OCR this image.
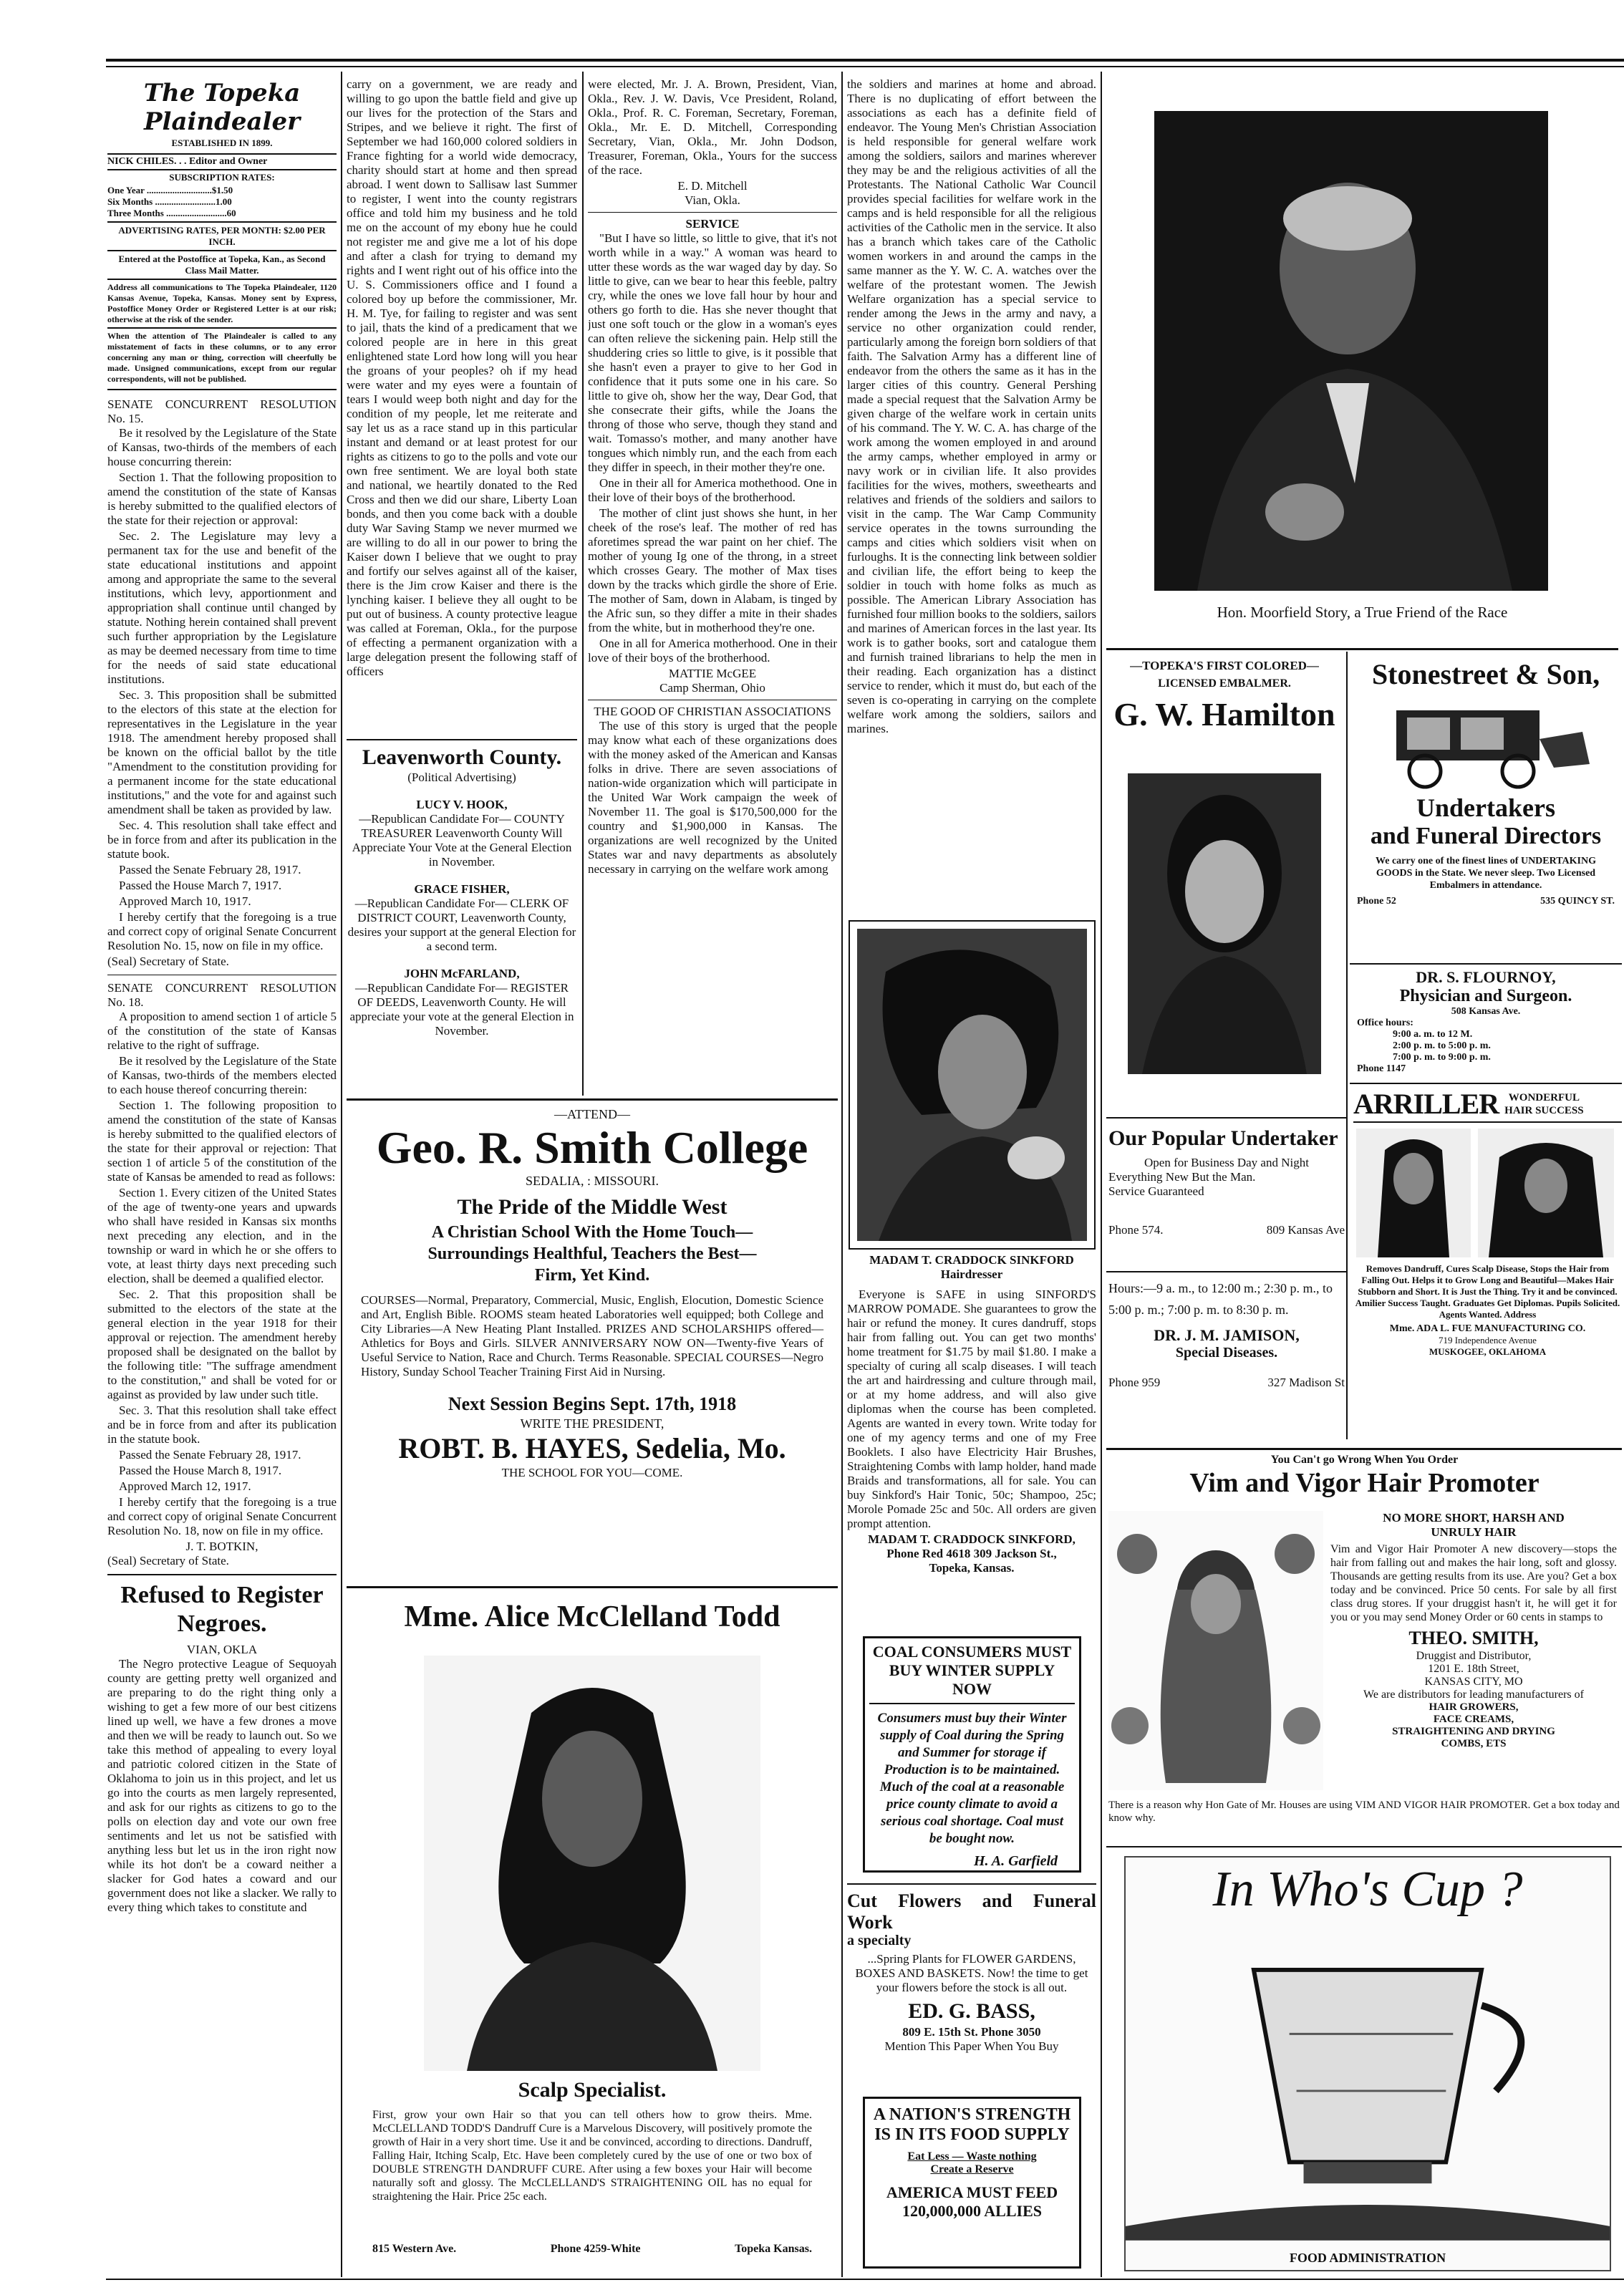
The Topeka Plaindealer
ESTABLISHED IN 1899.
NICK CHILES. . . Editor and Owner
SUBSCRIPTION RATES:
One Year ............................$1.50
Six Months ..........................1.00
Three Months ..........................60
ADVERTISING RATES, PER MONTH: $2.00 PER INCH.
Entered at the Postoffice at Topeka, Kan., as Second Class Mail Matter.
Address all communications to The Topeka Plaindealer, 1120 Kansas Avenue, Topeka, Kansas. Money sent by Express, Postoffice Money Order or Registered Letter is at our risk; otherwise at the risk of the sender.
When the attention of The Plaindealer is called to any misstatement of facts in these columns, or to any error concerning any man or thing, correction will cheerfully be made. Unsigned communications, except from our regular correspondents, will not be published.
SENATE CONCURRENT RESOLUTION No. 15.

Be it resolved by the Legislature of the State of Kansas, two-thirds of the members of each house concurring therein:

Section 1. That the following proposition to amend the constitution of the state of Kansas is hereby submitted to the qualified electors of the state for their rejection or approval:

Sec. 2. The Legislature may levy a permanent tax for the use and benefit of the state educational institutions and appoint among and appropriate the same to the several institutions, which levy, apportionment and appropriation shall continue until changed by statute. Nothing herein contained shall prevent such further appropriation by the Legislature as may be deemed necessary from time to time for the needs of said state educational institutions.

Sec. 3. This proposition shall be submitted to the electors of this state at the election for representatives in the Legislature in the year 1918. The amendment hereby proposed shall be known on the official ballot by the title "Amendment to the constitution providing for a permanent income for the state educational institutions," and the vote for and against such amendment shall be taken as provided by law.

Sec. 4. This resolution shall take effect and be in force from and after its publication in the statute book.

Passed the Senate February 28, 1917.

Passed the House March 7, 1917.

Approved March 10, 1917.

I hereby certify that the foregoing is a true and correct copy of original Senate Concurrent Resolution No. 15, now on file in my office.

(Seal) Secretary of State.
SENATE CONCURRENT RESOLUTION No. 18.

A proposition to amend section 1 of article 5 of the constitution of the state of Kansas relative to the right of suffrage.

Be it resolved by the Legislature of the State of Kansas, two-thirds of the members elected to each house thereof concurring therein:

Section 1. The following proposition to amend the constitution of the state of Kansas is hereby submitted to the qualified electors of the state for their approval or rejection: That section 1 of article 5 of the constitution of the state of Kansas be amended to read as follows:

Section 1. Every citizen of the United States of the age of twenty-one years and upwards who shall have resided in Kansas six months next preceding any election, and in the township or ward in which he or she offers to vote, at least thirty days next preceding such election, shall be deemed a qualified elector.

Sec. 2. That this proposition shall be submitted to the electors of the state at the general election in the year 1918 for their approval or rejection. The amendment hereby proposed shall be designated on the ballot by the following title: "The suffrage amendment to the constitution," and shall be voted for or against as provided by law under such title.

Sec. 3. That this resolution shall take effect and be in force from and after its publication in the statute book.

Passed the Senate February 28, 1917.

Passed the House March 8, 1917.

Approved March 12, 1917.

I hereby certify that the foregoing is a true and correct copy of original Senate Concurrent Resolution No. 18, now on file in my office.

J. T. BOTKIN,
(Seal) Secretary of State.
Refused to Register Negroes.
VIAN, OKLA

The Negro protective League of Sequoyah county are getting pretty well organized and are preparing to do the right thing only a wishing to get a few more of our best citizens lined up well, we have a few drones a move and then we will be ready to launch out. So we take this method of appealing to every loyal and patriotic colored citizen in the State of Oklahoma to join us in this project, and let us go into the courts as men largely represented, and ask for our rights as citizens to go to the polls on election day and vote our own free sentiments and let us not be satisfied with anything less but let us in the iron right now while its hot don't be a coward neither a slacker for God hates a coward and our government does not like a slacker. We rally to every thing which takes to constitute and

carry on a government, we are ready and willing to go upon the battle field and give up our lives for the protection of the Stars and Stripes, and we believe it right. The first of September we had 160,000 colored soldiers in France fighting for a world wide democracy, charity should start at home and then spread abroad. I went down to Sallisaw last Summer to register, I went into the county registrars office and told him my business and he told me on the account of my ebony hue he could not register me and give me a lot of his dope and after a clash for trying to demand my rights and I went right out of his office into the U. S. Commissioners office and I found a colored boy up before the commissioner, Mr. H. M. Tye, for failing to register and was sent to jail, thats the kind of a predicament that we colored people are in here in this great enlightened state Lord how long will you hear the groans of your peoples? oh if my head were water and my eyes were a fountain of tears I would weep both night and day for the condition of my people, let me reiterate and say let us as a race stand up in this particular instant and demand or at least protest for our rights as citizens to go to the polls and vote our own free sentiment. We are loyal both state and national, we heartily donated to the Red Cross and then we did our share, Liberty Loan bonds, and then you come back with a double duty War Saving Stamp we never murmed we are willing to do all in our power to bring the Kaiser down I believe that we ought to pray and fortify our selves against all of the kaiser, there is the Jim crow Kaiser and there is the lynching kaiser. I believe they all ought to be put out of business. A county protective league was called at Foreman, Okla., for the purpose of effecting a permanent organization with a large delegation present the following staff of officers

Leavenworth County.
(Political Advertising)
LUCY V. HOOK,
—Republican Candidate For— COUNTY TREASURER Leavenworth County Will Appreciate Your Vote at the General Election in November.
GRACE FISHER,
—Republican Candidate For— CLERK OF DISTRICT COURT, Leavenworth County, desires your support at the general Election for a second term.
JOHN McFARLAND,
—Republican Candidate For— REGISTER OF DEEDS, Leavenworth County. He will appreciate your vote at the general Election in November.

were elected, Mr. J. A. Brown, President, Vian, Okla., Rev. J. W. Davis, Vce President, Roland, Okla., Prof. R. C. Foreman, Secretary, Foreman, Okla., Mr. E. D. Mitchell, Corresponding Secretary, Vian, Okla., Mr. John Dodson, Treasurer, Foreman, Okla., Yours for the success of the race.

E. D. Mitchell
Vian, Okla.
SERVICE

"But I have so little, so little to give, that it's not worth while in a way." A woman was heard to utter these words as the war waged day by day. So little to give, can we bear to hear this feeble, paltry cry, while the ones we love fall hour by hour and others go forth to die. Has she never thought that just one soft touch or the glow in a woman's eyes can often relieve the sickening pain. Help still the shuddering cries so little to give, is it possible that she hasn't even a prayer to give to her God in confidence that it puts some one in his care. So little to give oh, show her the way, Dear God, that she consecrate their gifts, while the Joans the throng of those who serve, though they stand and wait. Tomasso's mother, and many another have tongues which nimbly run, and the each from each they differ in speech, in their mother they're one.

One in their all for America mothethood. One in their love of their boys of the brotherhood.

The mother of clint just shows she hunt, in her cheek of the rose's leaf. The mother of red has aforetimes spread the war paint on her chief. The mother of young Ig one of the throng, in a street which crosses Geary. The mother of Max tises down by the tracks which girdle the shore of Erie. The mother of Sam, down in Alabam, is tinged by the Afric sun, so they differ a mite in their shades from the white, but in motherhood they're one.

One in all for America motherhood. One in their love of their boys of the brotherhood.

MATTIE McGEE
Camp Sherman, Ohio
THE GOOD OF CHRISTIAN ASSOCIATIONS

The use of this story is urged that the people may know what each of these organizations does with the money asked of the American and Kansas folks in drive. There are seven associations of nation-wide organization which will participate in the United War Work campaign the week of November 11. The goal is $170,500,000 for the country and $1,900,000 in Kansas. The organizations are well recognized by the United States war and navy departments as absolutely necessary in carrying on the welfare work among

—ATTEND—
Geo. R. Smith College
SEDALIA, : MISSOURI.
The Pride of the Middle West
A Christian School With the Home Touch—
Surroundings Healthful, Teachers the Best—
Firm, Yet Kind.
COURSES—Normal, Preparatory, Commercial, Music, English, Elocution, Domestic Science and Art, English Bible. ROOMS steam heated Laboratories well equipped; both College and City Libraries—A New Heating Plant Installed. PRIZES AND SCHOLARSHIPS offered—Athletics for Boys and Girls. SILVER ANNIVERSARY NOW ON—Twenty-five Years of Useful Service to Nation, Race and Church. Terms Reasonable. SPECIAL COURSES—Negro History, Sunday School Teacher Training First Aid in Nursing.
Next Session Begins Sept. 17th, 1918
WRITE THE PRESIDENT,
ROBT. B. HAYES, Sedelia, Mo.
THE SCHOOL FOR YOU—COME.
Mme. Alice McClelland Todd
Scalp Specialist.
First, grow your own Hair so that you can tell others how to grow theirs. Mme. McCLELLAND TODD'S Dandruff Cure is a Marvelous Discovery, will positively promote the growth of Hair in a very short time. Use it and be convinced, according to directions. Dandruff, Falling Hair, Itching Scalp, Etc. Have been completely cured by the use of one or two box of DOUBLE STRENGTH DANDRUFF CURE. After using a few boxes your Hair will become naturally soft and glossy. The McCLELLAND'S STRAIGHTENING OIL has no equal for straightening the Hair. Price 25c each.
815 Western Ave.	Phone 4259-White	Topeka Kansas.

the soldiers and marines at home and abroad. There is no duplicating of effort between the associations as each has a definite field of endeavor. The Young Men's Christian Association is held responsible for general welfare work among the soldiers, sailors and marines wherever they may be and the religious activities of all the Protestants. The National Catholic War Council provides special facilities for welfare work in the camps and is held responsible for all the religious activities of the Catholic men in the service. It also has a branch which takes care of the Catholic women workers in and around the camps in the same manner as the Y. W. C. A. watches over the welfare of the protestant women. The Jewish Welfare organization has a special service to render among the Jews in the army and navy, a service no other organization could render, particularly among the foreign born soldiers of that faith. The Salvation Army has a different line of endeavor from the others the same as it has in the larger cities of this country. General Pershing made a special request that the Salvation Army be given charge of the welfare work in certain units of his command. The Y. W. C. A. has charge of the work among the women employed in and around the army camps, whether employed in army or navy work or in civilian life. It also provides facilities for the wives, mothers, sweethearts and relatives and friends of the soldiers and sailors to visit in the camp. The War Camp Community service operates in the towns surrounding the camps and cities which soldiers visit when on furloughs. It is the connecting link between soldier and civilian life, the effort being to keep the soldier in touch with home folks as much as possible. The American Library Association has furnished four million books to the soldiers, sailors and marines of American forces in the last year. Its work is to gather books, sort and catalogue them and furnish trained librarians to help the men in their reading. Each organization has a distinct service to render, which it must do, but each of the seven is co-operating in carrying on the complete welfare work among the soldiers, sailors and marines.

MADAM T. CRADDOCK SINKFORD Hairdresser

Everyone is SAFE in using SINFORD'S MARROW POMADE. She guarantees to grow the hair or refund the money. It cures dandruff, stops hair from falling out. You can get two months' home treatment for $1.75 by mail $1.80. I make a specialty of curing all scalp diseases. I will teach the art and hairdressing and culture through mail, or at my home address, and will also give diplomas when the course has been completed. Agents are wanted in every town. Write today for one of my agency terms and one of my Free Booklets. I also have Electricity Hair Brushes, Straightening Combs with lamp holder, hand made Braids and transformations, all for sale. You can buy Sinkford's Hair Tonic, 50c; Shampoo, 25c; Morole Pomade 25c and 50c. All orders are given prompt attention.

MADAM T. CRADDOCK SINKFORD,
Phone Red 4618 309 Jackson St.,
Topeka, Kansas.
COAL CONSUMERS MUST BUY WINTER SUPPLY NOW
Consumers must buy their Winter supply of Coal during the Spring and Summer for storage if Production is to be maintained. Much of the coal at a reasonable price county climate to avoid a serious coal shortage. Coal must be bought now.
H. A. Garfield
Cut Flowers and Funeral Work
a specialty
...Spring Plants for FLOWER GARDENS, BOXES AND BASKETS. Now! the time to get your flowers before the stock is all out.
ED. G. BASS,
809 E. 15th St. Phone 3050
Mention This Paper When You Buy
A NATION'S STRENGTH IS IN ITS FOOD SUPPLY
Eat Less — Waste nothing
Create a Reserve
AMERICA MUST FEED
120,000,000 ALLIES
Hon. Moorfield Story, a True Friend of the Race
—TOPEKA'S FIRST COLORED—
LICENSED EMBALMER.
G. W. Hamilton
Stonestreet & Son,
Undertakers
and Funeral Directors
We carry one of the finest lines of UNDERTAKING GOODS in the State. We never sleep. Two Licensed Embalmers in attendance.
Phone 52	535 QUINCY ST.
DR. S. FLOURNOY,
Physician and Surgeon.
508 Kansas Ave.
Office hours:
9:00 a. m. to 12 M.
2:00 p. m. to 5:00 p. m.
7:00 p. m. to 9:00 p. m.
Phone 1147
ARRILLER WONDERFUL
HAIR SUCCESS
Removes Dandruff, Cures Scalp Disease, Stops the Hair from Falling Out. Helps it to Grow Long and Beautiful—Makes Hair Stubborn and Short. It is Just the Thing. Try it and be convinced. Amilier Success Taught. Graduates Get Diplomas. Pupils Solicited. Agents Wanted. Address
Mme. ADA L. FUE MANUFACTURING CO.
719 Independence Avenue
MUSKOGEE, OKLAHOMA
Our Popular Undertaker
Open for Business Day and Night
Everything New But the Man.
Service Guaranteed
Phone 574.	809 Kansas Ave
Hours:—9 a. m., to 12:00 m.; 2:30 p. m., to 5:00 p. m.; 7:00 p. m. to 8:30 p. m.
DR. J. M. JAMISON,
Special Diseases.
Phone 959	327 Madison St
You Can't go Wrong When You Order
Vim and Vigor Hair Promoter
NO MORE SHORT, HARSH AND
UNRULY HAIR
Vim and Vigor Hair Promoter A new discovery—stops the hair from falling out and makes the hair long, soft and glossy. Thousands are getting results from its use. Are you? Get a box today and be convinced. Price 50 cents. For sale by all first class drug stores. If your druggist hasn't it, he will get it for you or you may send Money Order or 60 cents in stamps to
THEO. SMITH,
Druggist and Distributor,
1201 E. 18th Street,
KANSAS CITY, MO
We are distributors for leading manufacturers of
HAIR GROWERS,
FACE CREAMS,
STRAIGHTENING AND DRYING
COMBS, ETS
There is a reason why Hon Gate of Mr. Houses are using VIM AND VIGOR HAIR PROMOTER. Get a box today and know why.
In Who's Cup ?
FOOD ADMINISTRATION
